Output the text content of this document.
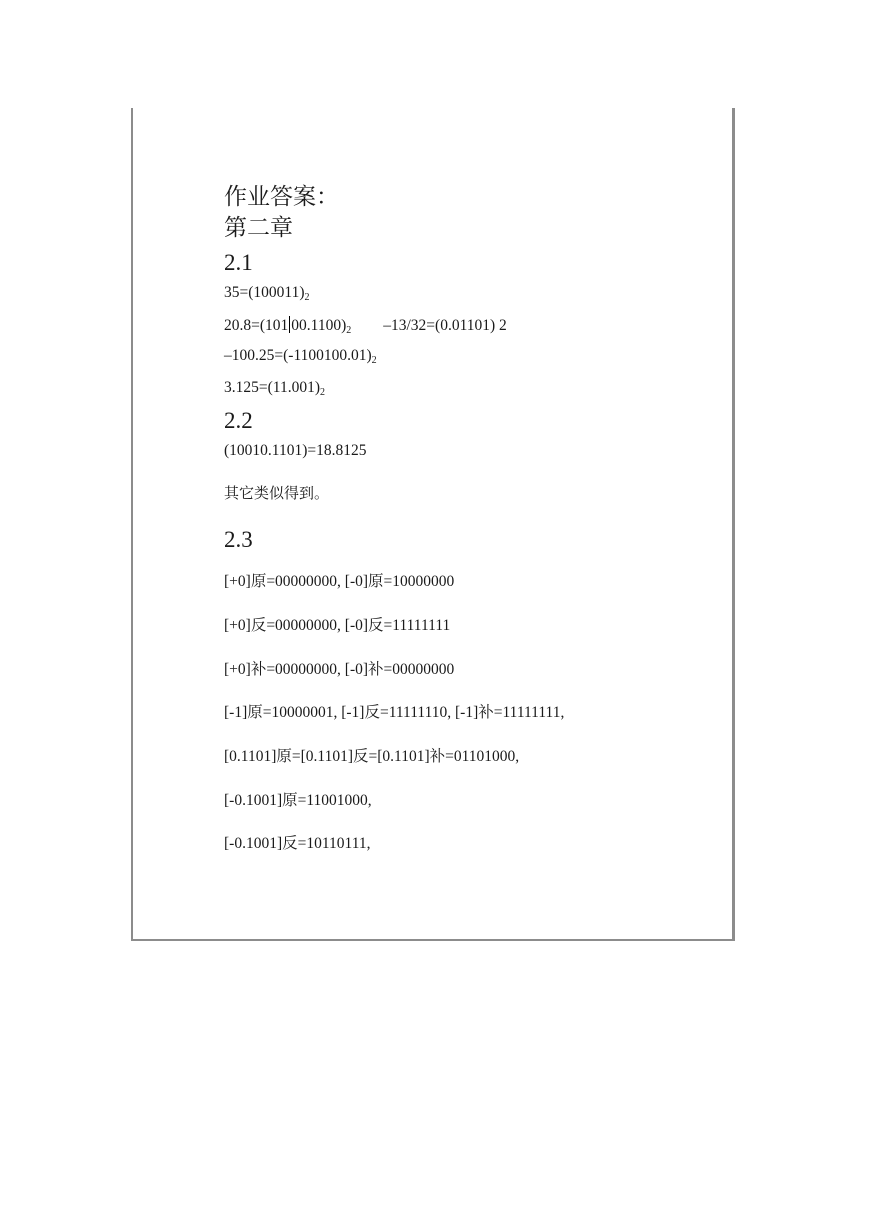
作业答案：
第二章
2.1
$35=(100011)_2$
20.8=(101 $00.1100)_2$ –13/32=(0.01101) 2
$-100.25=(-1100100.01)_2$
$3.125=(11.001)_2$
2.2
(10010.1101)=18.8125
其它类似得到。
2.3
[+0]原=00000000, [-0]原=10000000
[+0]反=00000000, [-0]反=11111111
[+0]补=00000000, [-0]补=00000000
[-1]原=10000001, [-1]反=11111110, [-1]补=11111111,
[0.1101]原=[0.1101]反=[0.1101]补=01101000,
[-0.1001]原=11001000,
[-0.1001]反=10110111,
